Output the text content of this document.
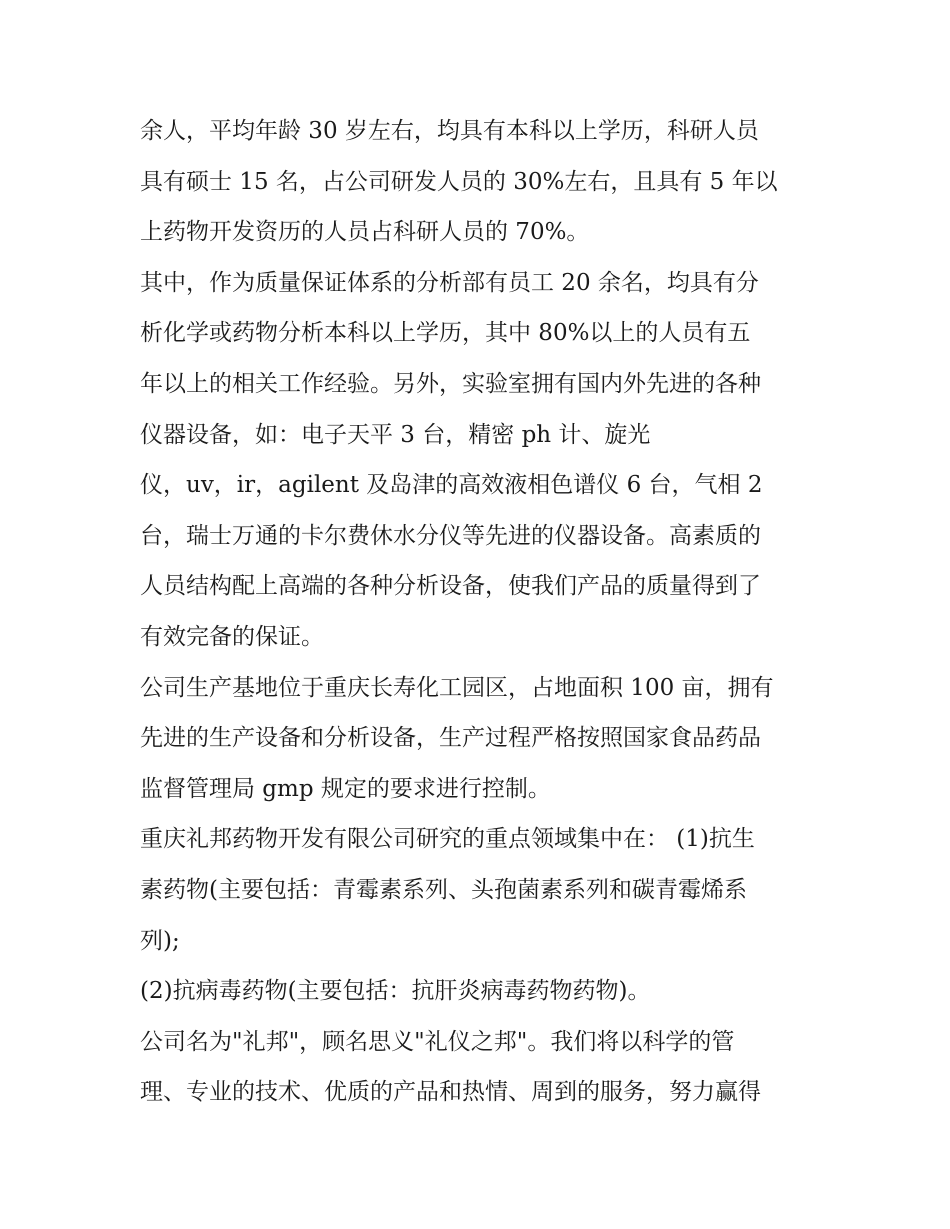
余人，平均年龄 30 岁左右，均具有本科以上学历，科研人员
具有硕士 15 名，占公司研发人员的 30%左右，且具有 5 年以
上药物开发资历的人员占科研人员的 70%。
其中，作为质量保证体系的分析部有员工 20 余名，均具有分
析化学或药物分析本科以上学历，其中 80%以上的人员有五
年以上的相关工作经验。另外，实验室拥有国内外先进的各种
仪器设备，如：电子天平 3 台，精密 ph 计、旋光
仪，uv，ir，agilent 及岛津的高效液相色谱仪 6 台，气相 2
台，瑞士万通的卡尔费休水分仪等先进的仪器设备。高素质的
人员结构配上高端的各种分析设备，使我们产品的质量得到了
有效完备的保证。
公司生产基地位于重庆长寿化工园区，占地面积 100 亩，拥有
先进的生产设备和分析设备，生产过程严格按照国家食品药品
监督管理局 gmp 规定的要求进行控制。
重庆礼邦药物开发有限公司研究的重点领域集中在： (1)抗生
素药物(主要包括：青霉素系列、头孢菌素系列和碳青霉烯系
列);
(2)抗病毒药物(主要包括：抗肝炎病毒药物药物)。
公司名为"礼邦"，顾名思义"礼仪之邦"。我们将以科学的管
理、专业的技术、优质的产品和热情、周到的服务，努力赢得
